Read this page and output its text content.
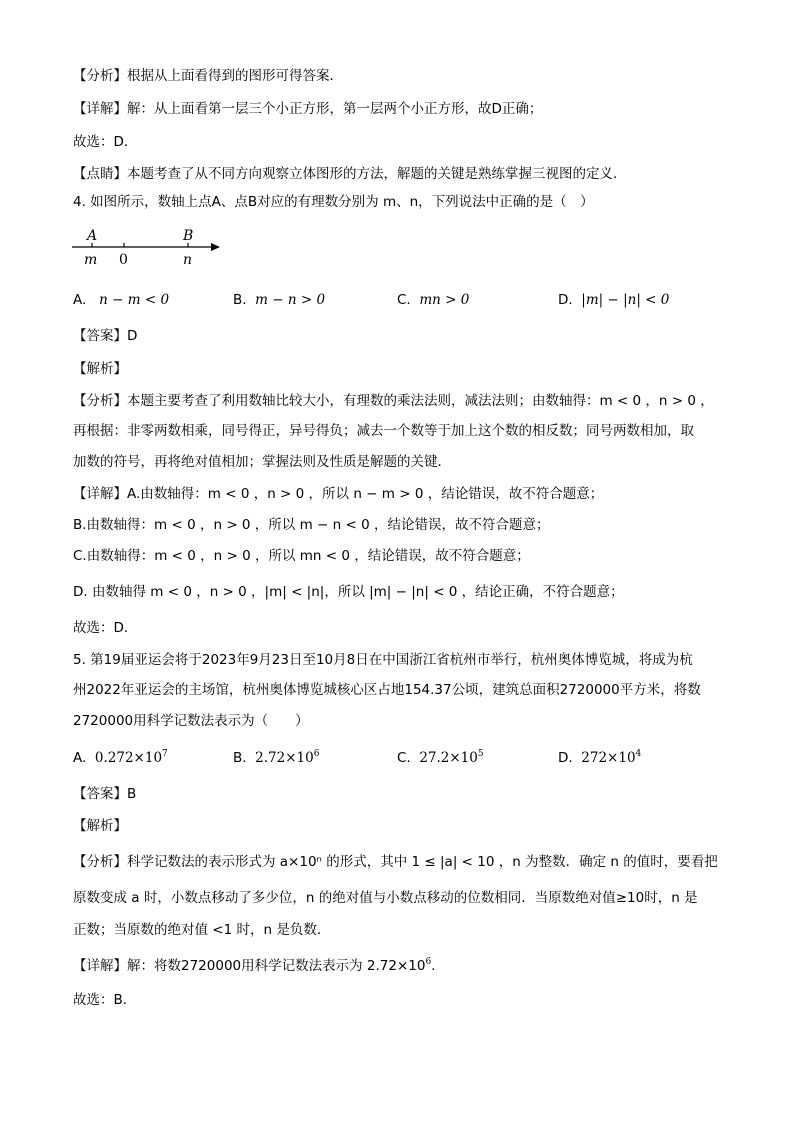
【分析】根据从上面看得到的图形可得答案．
【详解】解：从上面看第一层三个小正方形，第一层两个小正方形，故D正确；
故选：D．
【点睛】本题考查了从不同方向观察立体图形的方法，解题的关键是熟练掌握三视图的定义．
4. 如图所示，数轴上点A、点B对应的有理数分别为 m、n，下列说法中正确的是（　）
A	B
m 0	n
A. n − m < 0	B. m − n > 0	C. mn > 0	D. |m| − |n| < 0
【答案】D
【解析】
【分析】本题主要考查了利用数轴比较大小，有理数的乘法法则，减法法则；由数轴得：m < 0 ，n > 0 ，
再根据：非零两数相乘，同号得正，异号得负；减去一个数等于加上这个数的相反数；同号两数相加，取
加数的符号，再将绝对值相加；掌握法则及性质是解题的关键．
【详解】A.由数轴得：m < 0 ，n > 0 ，所以 n − m > 0 ，结论错误，故不符合题意；
B.由数轴得：m < 0 ，n > 0 ，所以 m − n < 0 ，结论错误，故不符合题意；
C.由数轴得：m < 0 ，n > 0 ，所以 mn < 0 ，结论错误，故不符合题意；
D. 由数轴得 m < 0 ，n > 0 ，|m| < |n|，所以 |m| − |n| < 0 ，结论正确，不符合题意；
故选：D．
5. 第19届亚运会将于2023年9月23日至10月8日在中国浙江省杭州市举行，杭州奥体博览城，将成为杭
州2022年亚运会的主场馆，杭州奥体博览城核心区占地154.37公顷，建筑总面积2720000平方米，将数
2720000用科学记数法表示为（　　）
A. $0.272\times 10^7$	B. $2.72\times 10^6$	C. $27.2\times 10^5$	D. $272\times 10^4$
【答案】B
【解析】
【分析】科学记数法的表示形式为 a×10ⁿ 的形式，其中 1 ≤ |a| < 10 ，n 为整数．确定 n 的值时，要看把
原数变成 a 时，小数点移动了多少位，n 的绝对值与小数点移动的位数相同．当原数绝对值≥10时，n 是
正数；当原数的绝对值 <1 时，n 是负数．
【详解】解：将数2720000用科学记数法表示为 $2.72\times 10^6$．
故选：B．
